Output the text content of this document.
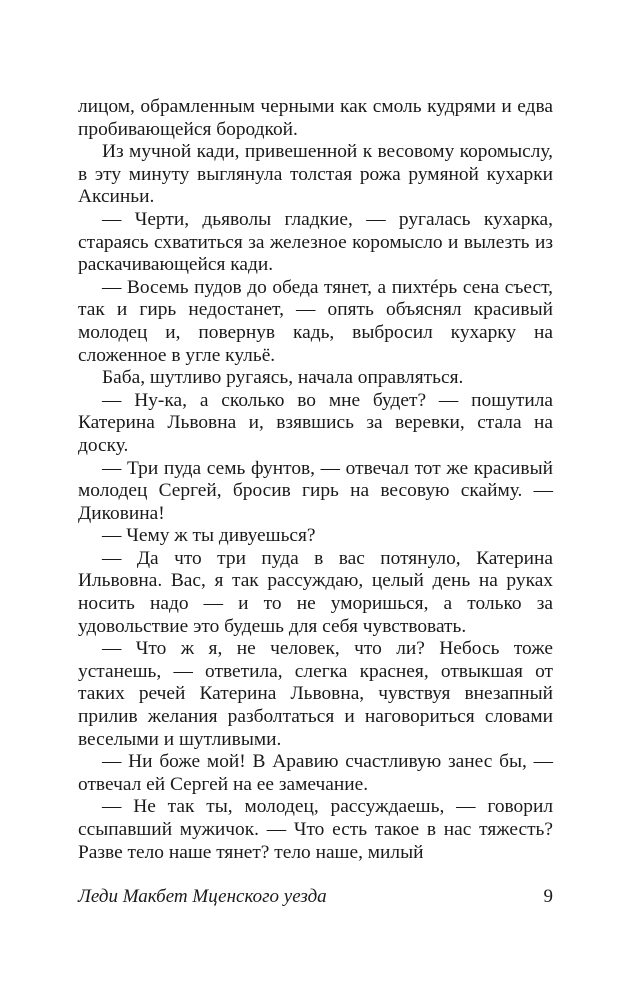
лицом, обрамленным черными как смоль кудрями и едва пробивающейся бородкой.

Из мучной кади, привешенной к весовому коромыслу, в эту минуту выглянула толстая рожа румяной кухарки Аксиньи.

— Черти, дьяволы гладкие, — ругалась кухарка, стараясь схватиться за железное коромысло и вылезть из раскачивающейся кади.

— Восемь пудов до обеда тянет, а пихтéрь сена съест, так и гирь недостанет, — опять объяснял красивый молодец и, повернув кадь, выбросил кухарку на сложенное в угле кульё.

Баба, шутливо ругаясь, начала оправляться.

— Ну-ка, а сколько во мне будет? — пошутила Катерина Львовна и, взявшись за веревки, стала на доску.

— Три пуда семь фунтов, — отвечал тот же красивый молодец Сергей, бросив гирь на весовую скайму. — Диковина!

— Чему ж ты дивуешься?

— Да что три пуда в вас потянуло, Катерина Ильвовна. Вас, я так рассуждаю, целый день на руках носить надо — и то не уморишься, а только за удовольствие это будешь для себя чувствовать.

— Что ж я, не человек, что ли? Небось тоже устанешь, — ответила, слегка краснея, отвыкшая от таких речей Катерина Львовна, чувствуя внезапный прилив желания разболтаться и наговориться словами веселыми и шутливыми.

— Ни боже мой! В Аравию счастливую занес бы, — отвечал ей Сергей на ее замечание.

— Не так ты, молодец, рассуждаешь, — говорил ссыпавший мужичок. — Что есть такое в нас тяжесть? Разве тело наше тянет? тело наше, милый

Леди Макбет Мценского уезда	9
